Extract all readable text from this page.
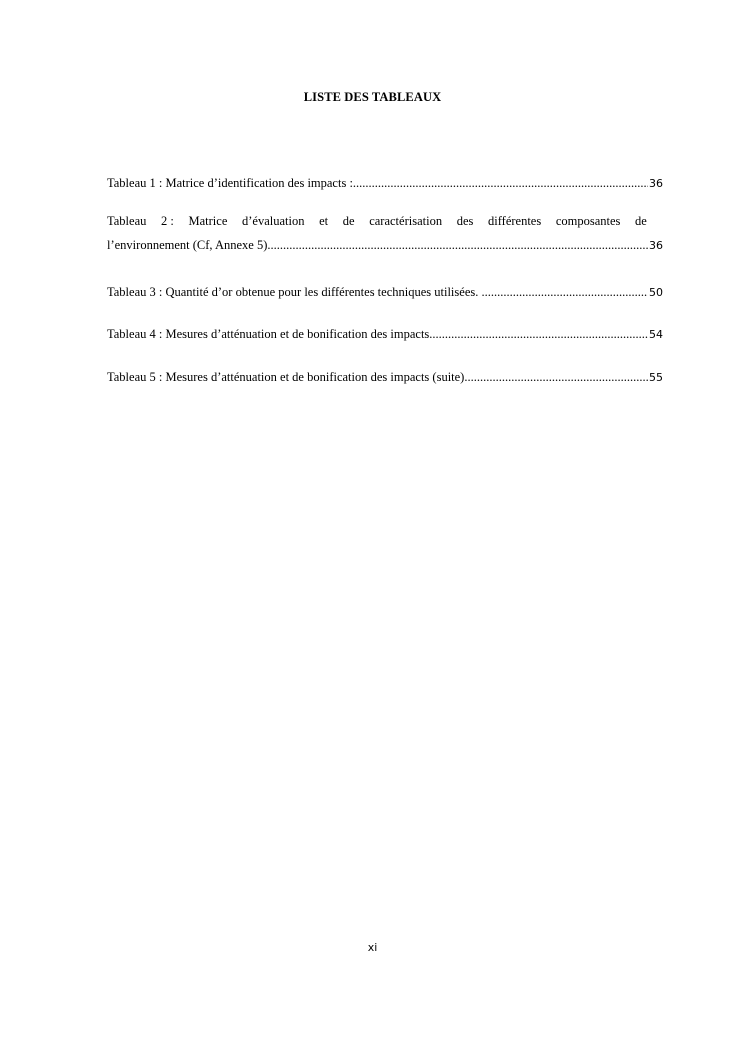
LISTE DES TABLEAUX
Tableau 1 : Matrice d’identification des impacts : .....	36
Tableau 2 : Matrice d’évaluation et de caractérisation des différentes composantes de
l’environnement (Cf, Annexe 5) .....	36
Tableau 3 : Quantité d’or obtenue pour les différentes techniques utilisées. .....	50
Tableau 4 : Mesures d’atténuation et de bonification des impacts .....	54
Tableau 5 : Mesures d’atténuation et de bonification des impacts (suite) .....	55
xi
